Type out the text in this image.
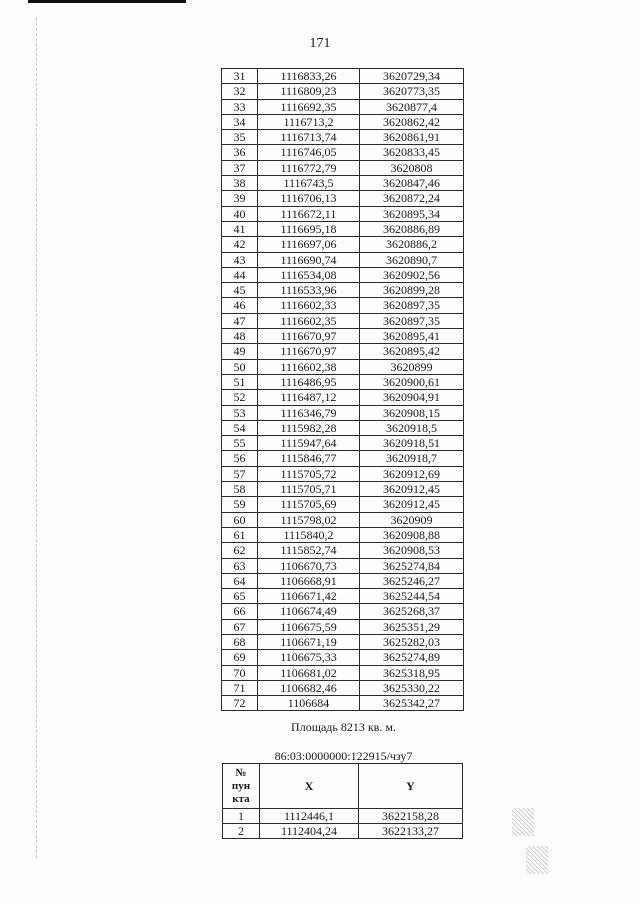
171
31	1116833,26	3620729,34
32	1116809,23	3620773,35
33	1116692,35	3620877,4
34	1116713,2	3620862,42
35	1116713,74	3620861,91
36	1116746,05	3620833,45
37	1116772,79	3620808
38	1116743,5	3620847,46
39	1116706,13	3620872,24
40	1116672,11	3620895,34
41	1116695,18	3620886,89
42	1116697,06	3620886,2
43	1116690,74	3620890,7
44	1116534,08	3620902,56
45	1116533,96	3620899,28
46	1116602,33	3620897,35
47	1116602,35	3620897,35
48	1116670,97	3620895,41
49	1116670,97	3620895,42
50	1116602,38	3620899
51	1116486,95	3620900,61
52	1116487,12	3620904,91
53	1116346,79	3620908,15
54	1115982,28	3620918,5
55	1115947,64	3620918,51
56	1115846,77	3620918,7
57	1115705,72	3620912,69
58	1115705,71	3620912,45
59	1115705,69	3620912,45
60	1115798,02	3620909
61	1115840,2	3620908,88
62	1115852,74	3620908,53
63	1106670,73	3625274,84
64	1106668,91	3625246,27
65	1106671,42	3625244,54
66	1106674,49	3625268,37
67	1106675,59	3625351,29
68	1106671,19	3625282,03
69	1106675,33	3625274,89
70	1106681,02	3625318,95
71	1106682,46	3625330,22
72	1106684	3625342,27
Площадь 8213 кв. м.
86:03:0000000:122915/чзу7
№ пун кта	X	Y
1	1112446,1	3622158,28
2	1112404,24	3622133,27
